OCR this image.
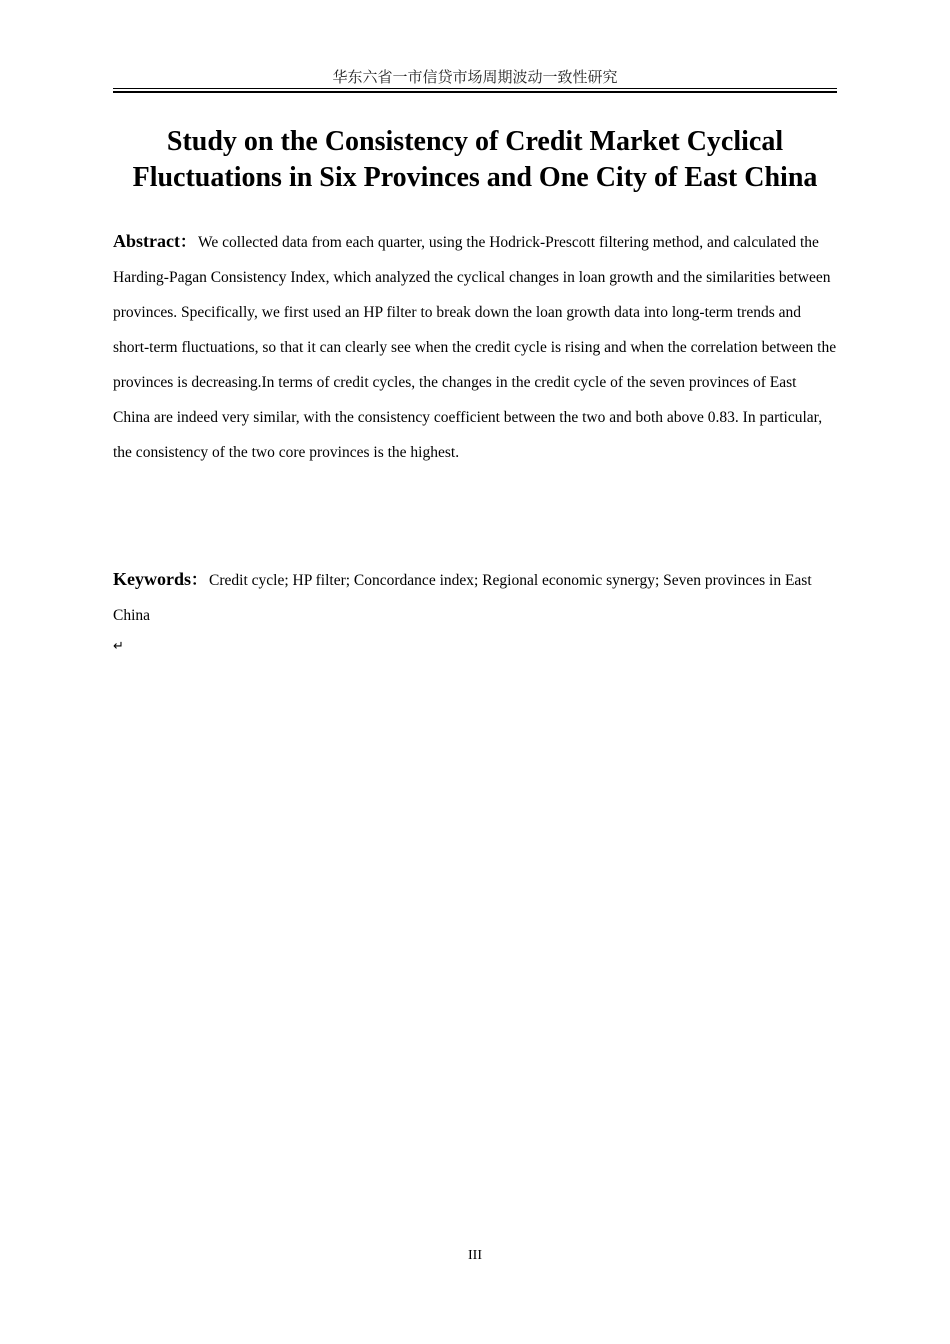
华东六省一市信贷市场周期波动一致性研究
Study on the Consistency of Credit Market Cyclical
Fluctuations in Six Provinces and One City of East China

Abstract： We collected data from each quarter, using the Hodrick-Prescott filtering method, and calculated the Harding-Pagan Consistency Index, which analyzed the cyclical changes in loan growth and the similarities between provinces. Specifically, we first used an HP filter to break down the loan growth data into long-term trends and short-term fluctuations, so that it can clearly see when the credit cycle is rising and when the correlation between the provinces is decreasing.In terms of credit cycles, the changes in the credit cycle of the seven provinces of East China are indeed very similar, with the consistency coefficient between the two and both above 0.83. In particular, the consistency of the two core provinces is the highest.

Keywords： Credit cycle; HP filter; Concordance index; Regional economic synergy; Seven provinces in East China

↵
III
